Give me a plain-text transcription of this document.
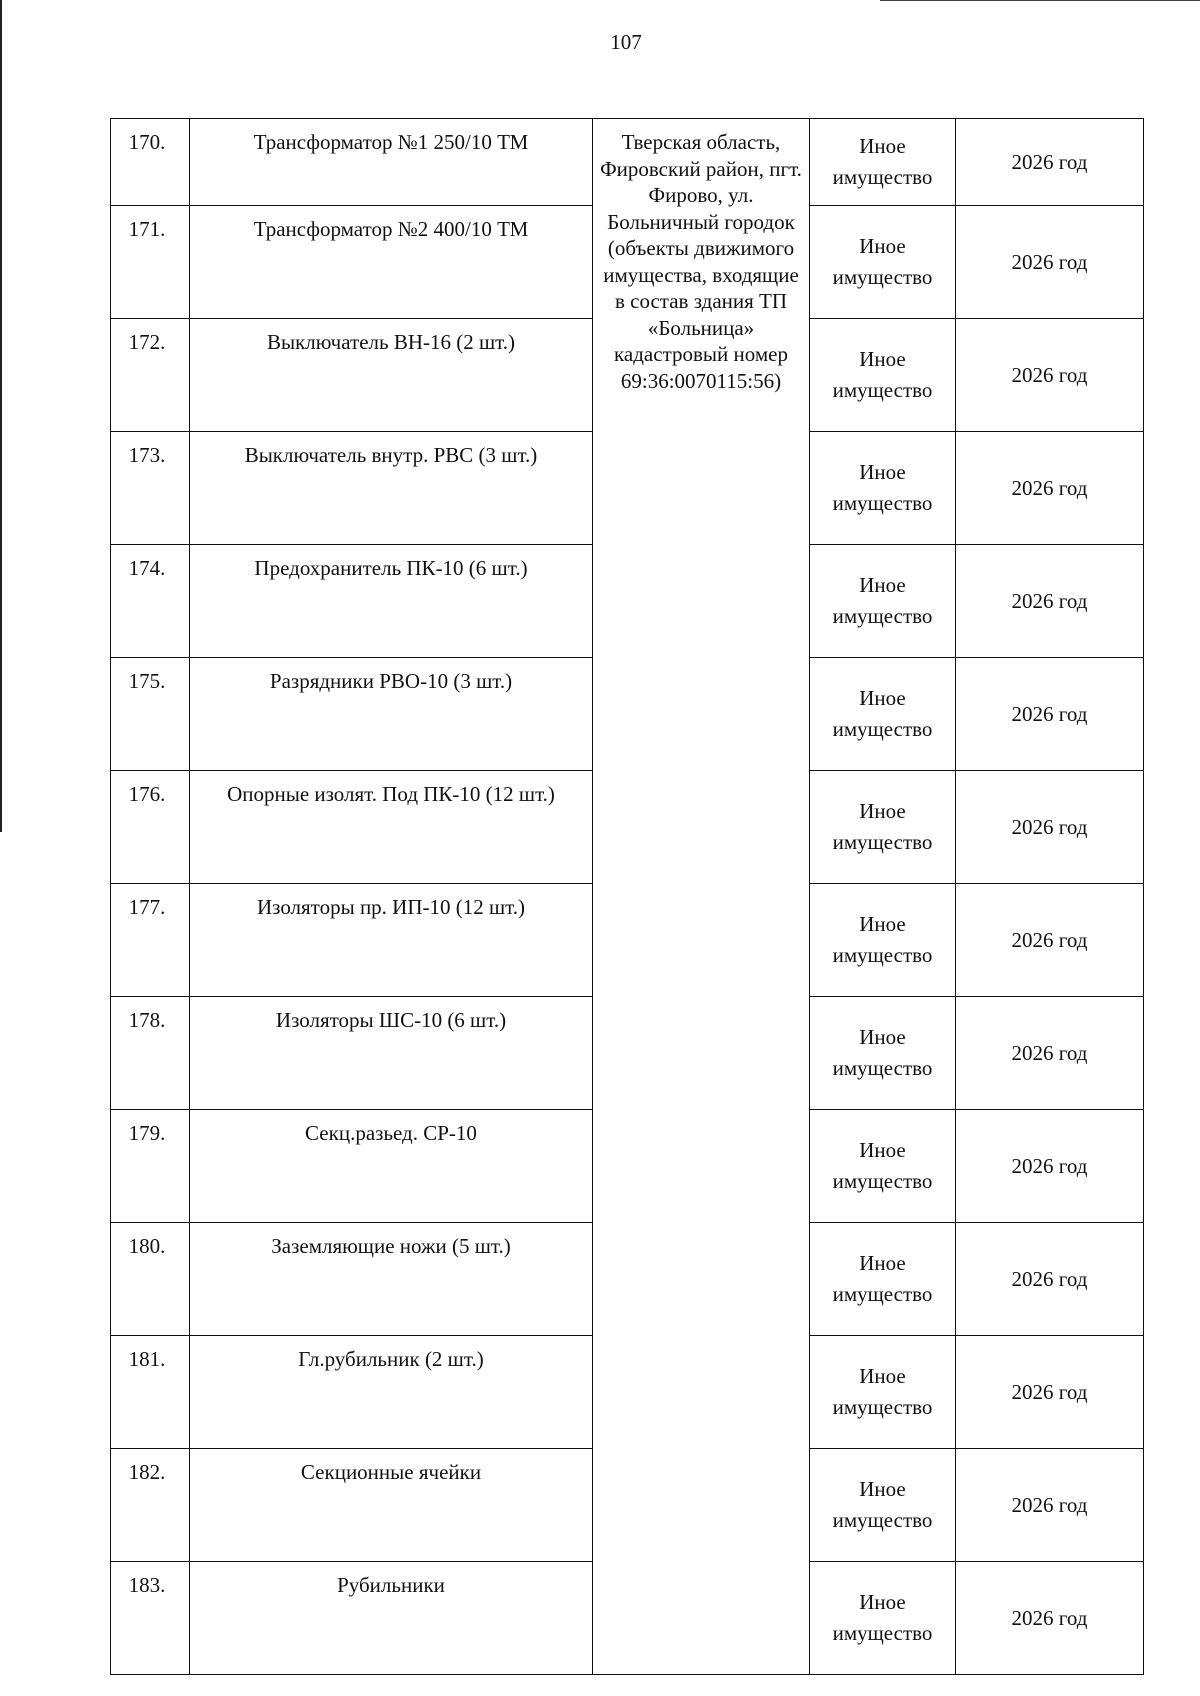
107
170.	Трансформатор №1 250/10 ТМ	Тверская область, Фировский район, пгт. Фирово, ул. Больничный городок (объекты движимого имущества, входящие в состав здания ТП «Больница» кадастровый номер 69:36:0070115:56)	Иное имущество	2026 год
171.	Трансформатор №2 400/10 ТМ		Иное имущество	2026 год
172.	Выключатель ВН-16 (2 шт.)		Иное имущество	2026 год
173.	Выключатель внутр. РВС (3 шт.)		Иное имущество	2026 год
174.	Предохранитель ПК-10 (6 шт.)		Иное имущество	2026 год
175.	Разрядники РВО-10 (3 шт.)		Иное имущество	2026 год
176.	Опорные изолят. Под ПК-10 (12 шт.)		Иное имущество	2026 год
177.	Изоляторы пр. ИП-10 (12 шт.)		Иное имущество	2026 год
178.	Изоляторы ШС-10 (6 шт.)		Иное имущество	2026 год
179.	Секц.разьед. СР-10		Иное имущество	2026 год
180.	Заземляющие ножи (5 шт.)		Иное имущество	2026 год
181.	Гл.рубильник (2 шт.)		Иное имущество	2026 год
182.	Секционные ячейки		Иное имущество	2026 год
183.	Рубильники		Иное имущество	2026 год
